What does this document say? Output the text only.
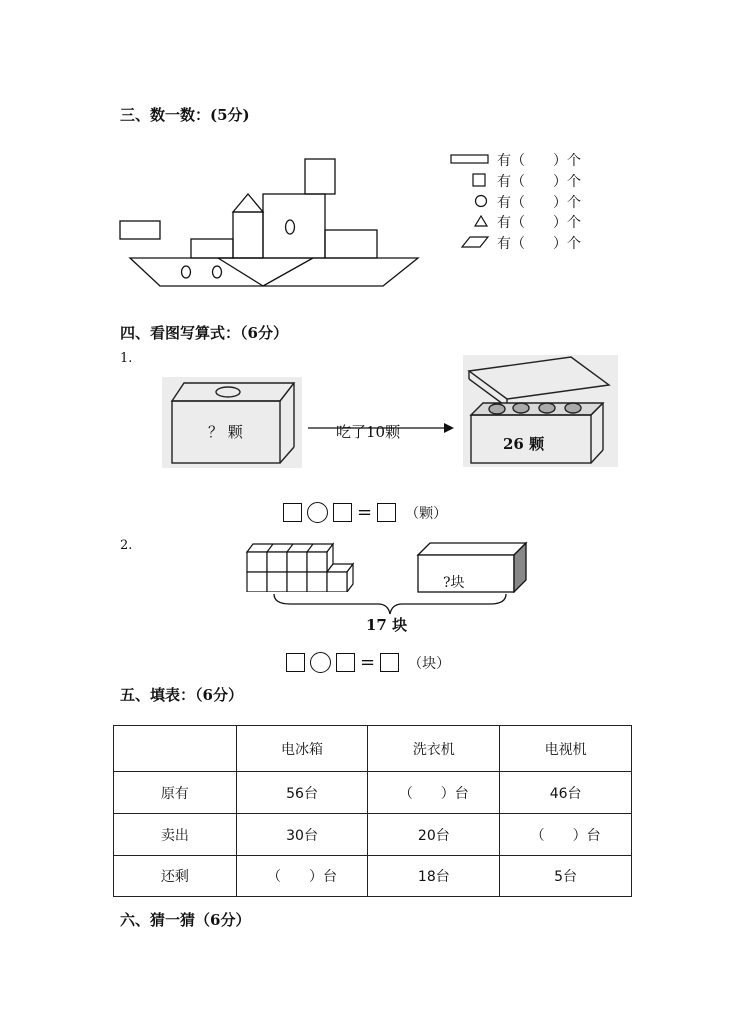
三、数一数：(5分)
有（　　）个
有（　　）个
有（　　）个
有（　　）个
有（　　）个
四、看图写算式：（6分）
1.
？ 颗	吃了10颗
26 颗
= （颗）
2.
?块
17 块
= （块）
五、填表：（6分）
	电冰箱	洗衣机	电视机
原有	56台	（　　）台	46台
卖出	30台	20台	（　　）台
还剩	（　　）台	18台	5台
六、猜一猜（6分）
